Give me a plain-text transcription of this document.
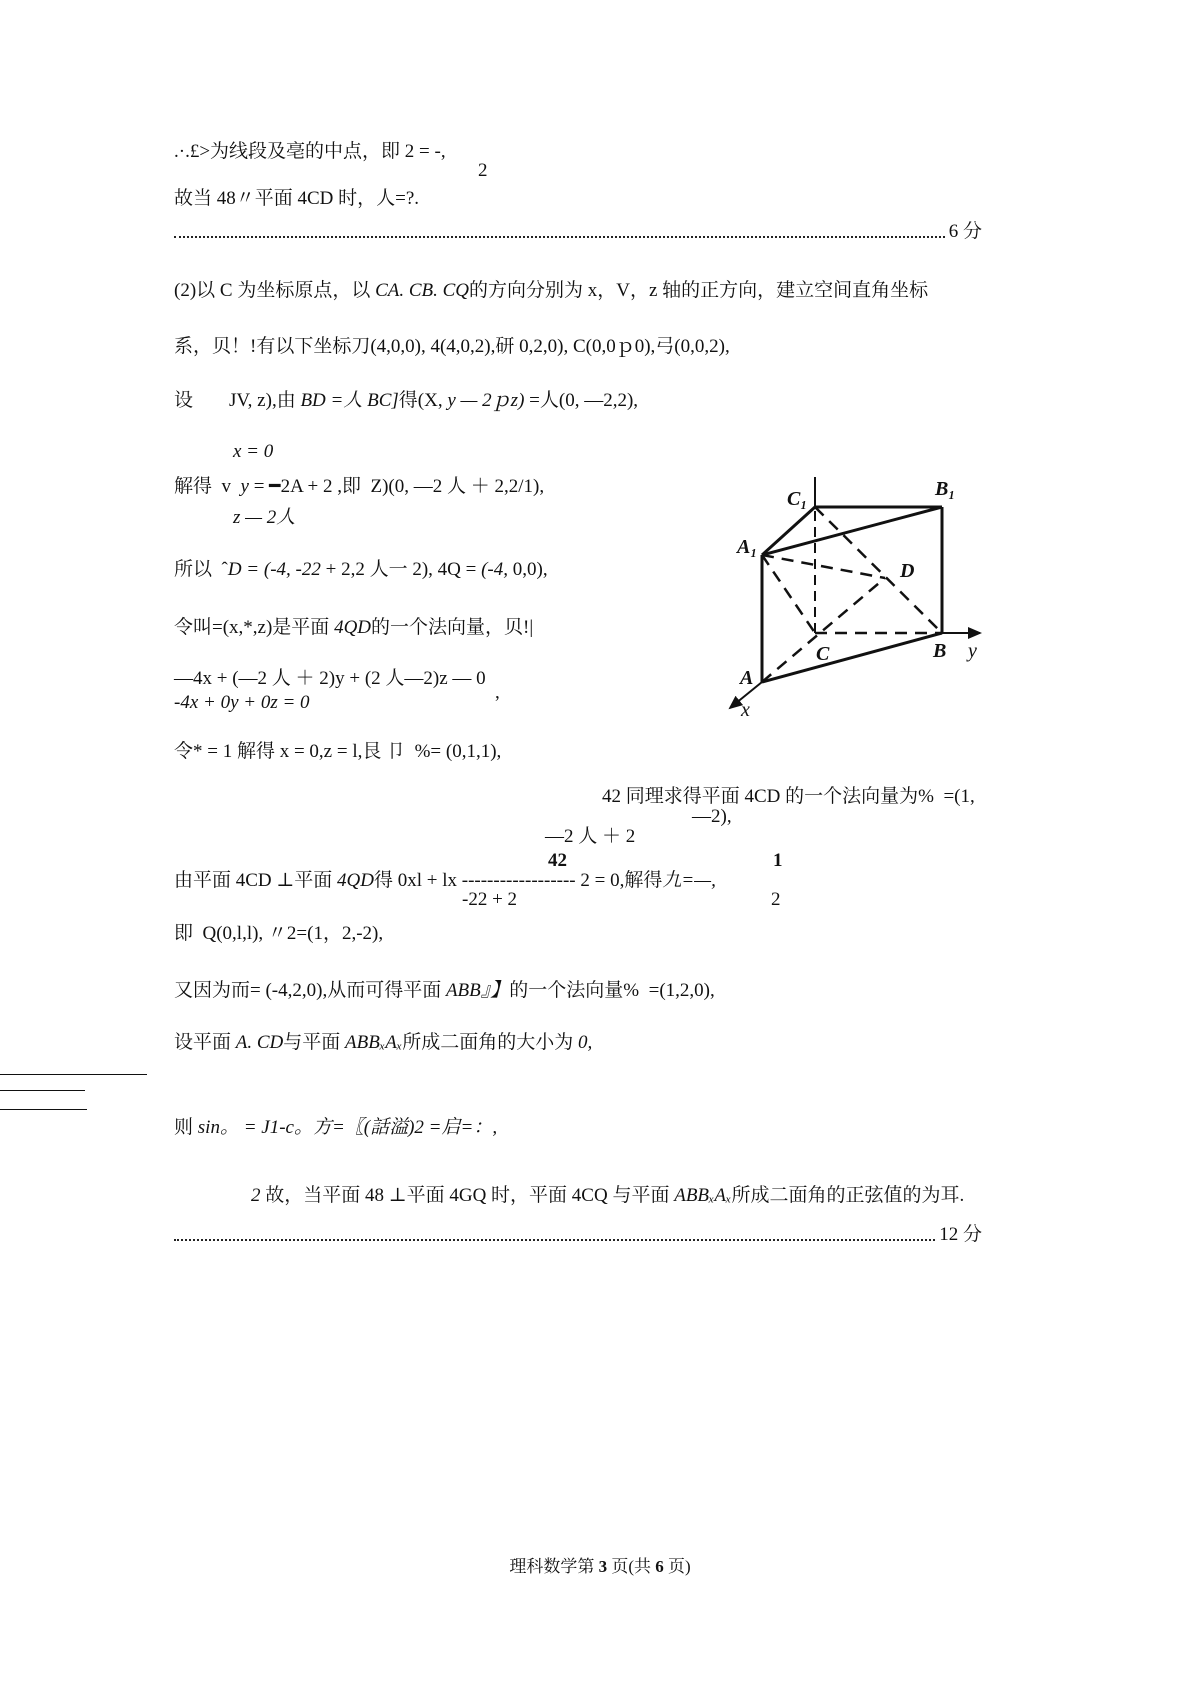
.·.£>为线段及亳的中点，即 2 = -,
2
故当 48〃平面 4CD 时，人=?.
6 分
(2)以 C 为坐标原点，以 CA. CB. CQ的方向分别为 x，V，z 轴的正方向，建立空间直角坐标
系，贝！!有以下坐标刀(4,0,0), 4(4,0,2),研 0,2,0), C(0,0ｐ0),弓(0,0,2),
设 JV, z),由 BD =人 BC]得(X, y — 2ｐz) =人(0, —2,2),
x = 0
解得  v  y = ━2A + 2 ,即  Z)(0, —2 人 ＋ 2,2/1),
z — 2人
所以  ˆD = (-4, -22 + 2,2 人一 2), 4Q = (-4, 0,0),
令叫=(x,*,z)是平面 4QD的一个法向量，贝!|
—4x + (—2 人 ＋ 2)y + (2 人—2)z — 0
,
-4x + 0y + 0z = 0
令* = 1 解得 x = 0,z = l,艮 卩  %= (0,1,1),
42 同理求得平面 4CD 的一个法向量为%  =(1,
—2),
—2 人 ＋ 2
42	1
由平面 4CD ⊥平面 4QD得 0xl + lx ------------------ 2 = 0,解得九=—,
-22 + 2	2
即  Q(0,l,l), 〃2=(1，2,-2),
又因为而= (-4,2,0),从而可得平面 ABB』】的一个法向量%  =(1,2,0),
设平面 A. CD与平面 ABBₓAₓ所成二面角的大小为 0,
则 sin。 = J1-c。方=〖(話溢)2 =启=：,
2 故，当平面 48 ⊥平面 4GQ 时，平面 4CQ 与平面 ABBₓAₓ所成二面角的正弦值的为耳.
12 分
C₁	B₁
A₁
D
C	B
A
y
x
理科数学第 3 页(共 6 页)
